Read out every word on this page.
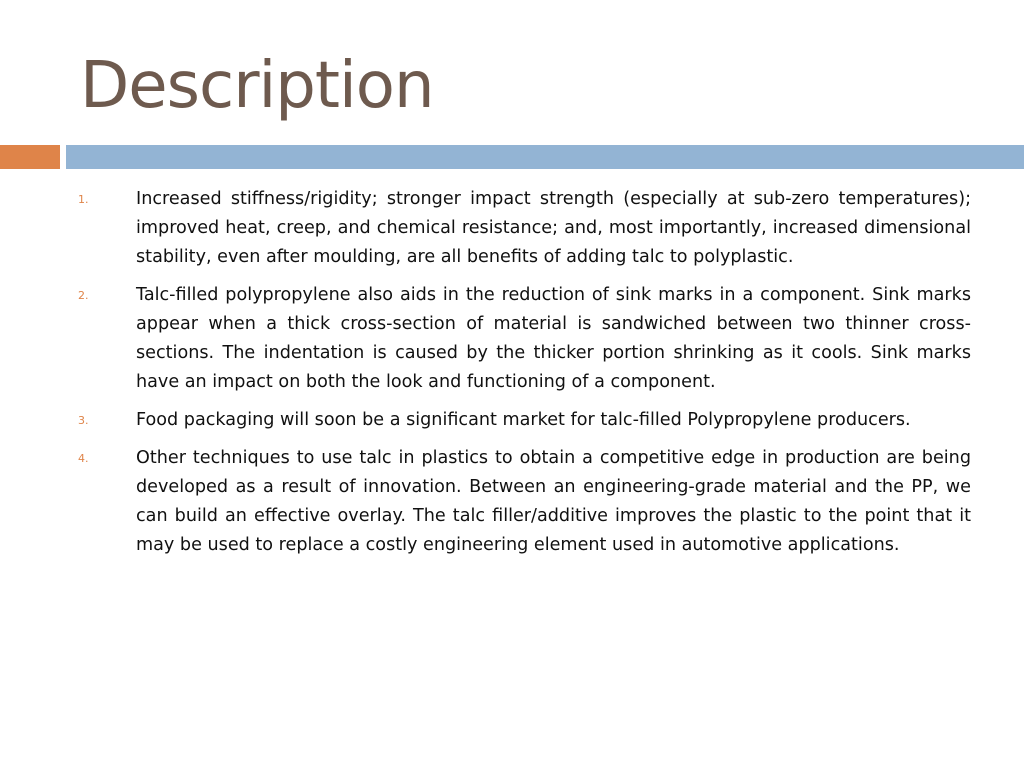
Description
1.	Increased stiffness/rigidity; stronger impact strength (especially at sub-zero temperatures); improved heat, creep, and chemical resistance; and, most importantly, increased dimensional stability, even after moulding, are all benefits of adding talc to polyplastic.
2.	Talc-filled polypropylene also aids in the reduction of sink marks in a component. Sink marks appear when a thick cross-section of material is sandwiched between two thinner cross-sections. The indentation is caused by the thicker portion shrinking as it cools. Sink marks have an impact on both the look and functioning of a component.
3.	Food packaging will soon be a significant market for talc-filled Polypropylene producers.
4.	Other techniques to use talc in plastics to obtain a competitive edge in production are being developed as a result of innovation. Between an engineering-grade material and the PP, we can build an effective overlay. The talc filler/additive improves the plastic to the point that it may be used to replace a costly engineering element used in automotive applications.
